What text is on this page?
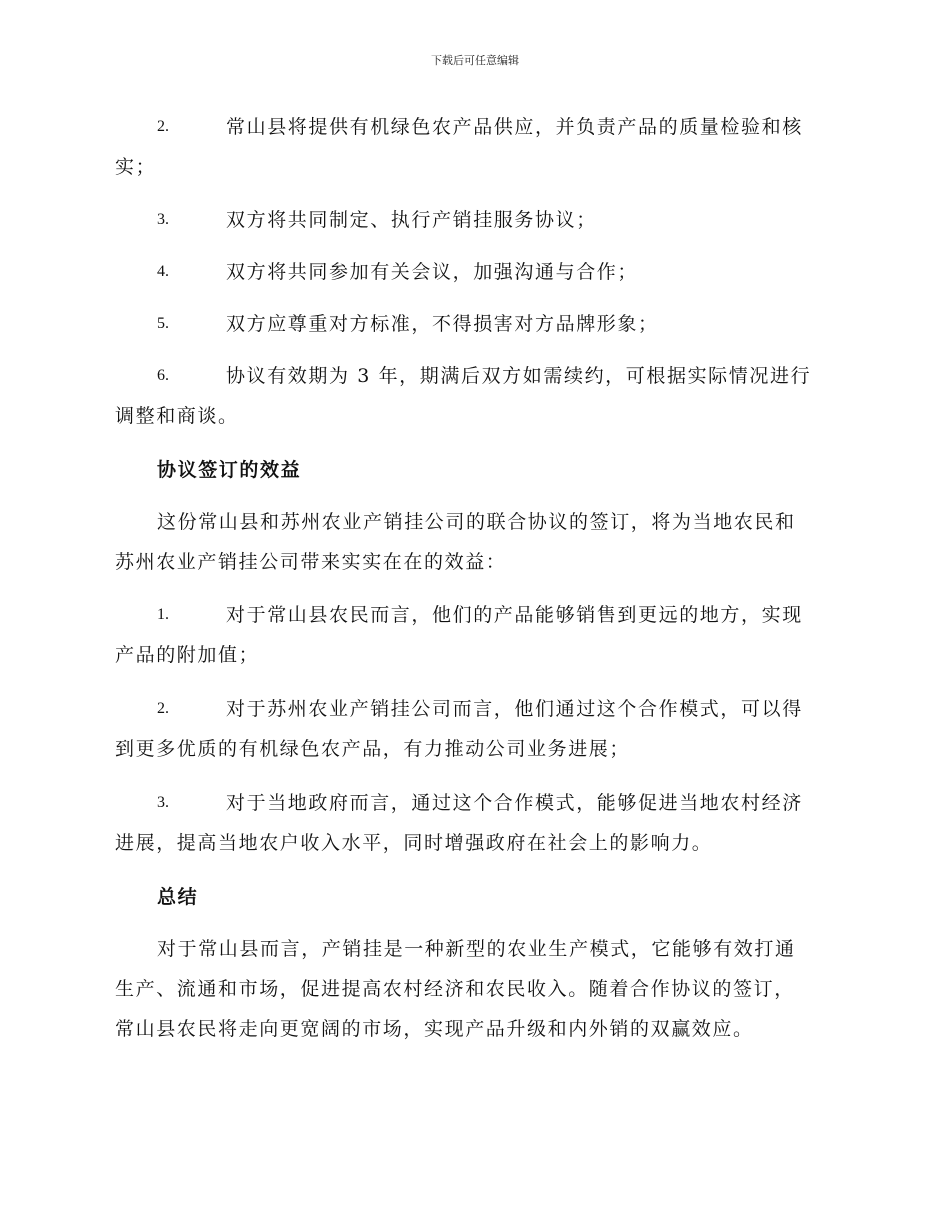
下载后可任意编辑
2.	常山县将提供有机绿色农产品供应，并负责产品的质量检验和核
实；
3.	双方将共同制定、执行产销挂服务协议；
4.	双方将共同参加有关会议，加强沟通与合作；
5.	双方应尊重对方标准，不得损害对方品牌形象；
6.	协议有效期为 3 年，期满后双方如需续约，可根据实际情况进行
调整和商谈。
协议签订的效益
这份常山县和苏州农业产销挂公司的联合协议的签订，将为当地农民和
苏州农业产销挂公司带来实实在在的效益：
1.	对于常山县农民而言，他们的产品能够销售到更远的地方，实现
产品的附加值；
2.	对于苏州农业产销挂公司而言，他们通过这个合作模式，可以得
到更多优质的有机绿色农产品，有力推动公司业务进展；
3.	对于当地政府而言，通过这个合作模式，能够促进当地农村经济
进展，提高当地农户收入水平，同时增强政府在社会上的影响力。
总结
对于常山县而言，产销挂是一种新型的农业生产模式，它能够有效打通
生产、流通和市场，促进提高农村经济和农民收入。随着合作协议的签订，
常山县农民将走向更宽阔的市场，实现产品升级和内外销的双赢效应。
